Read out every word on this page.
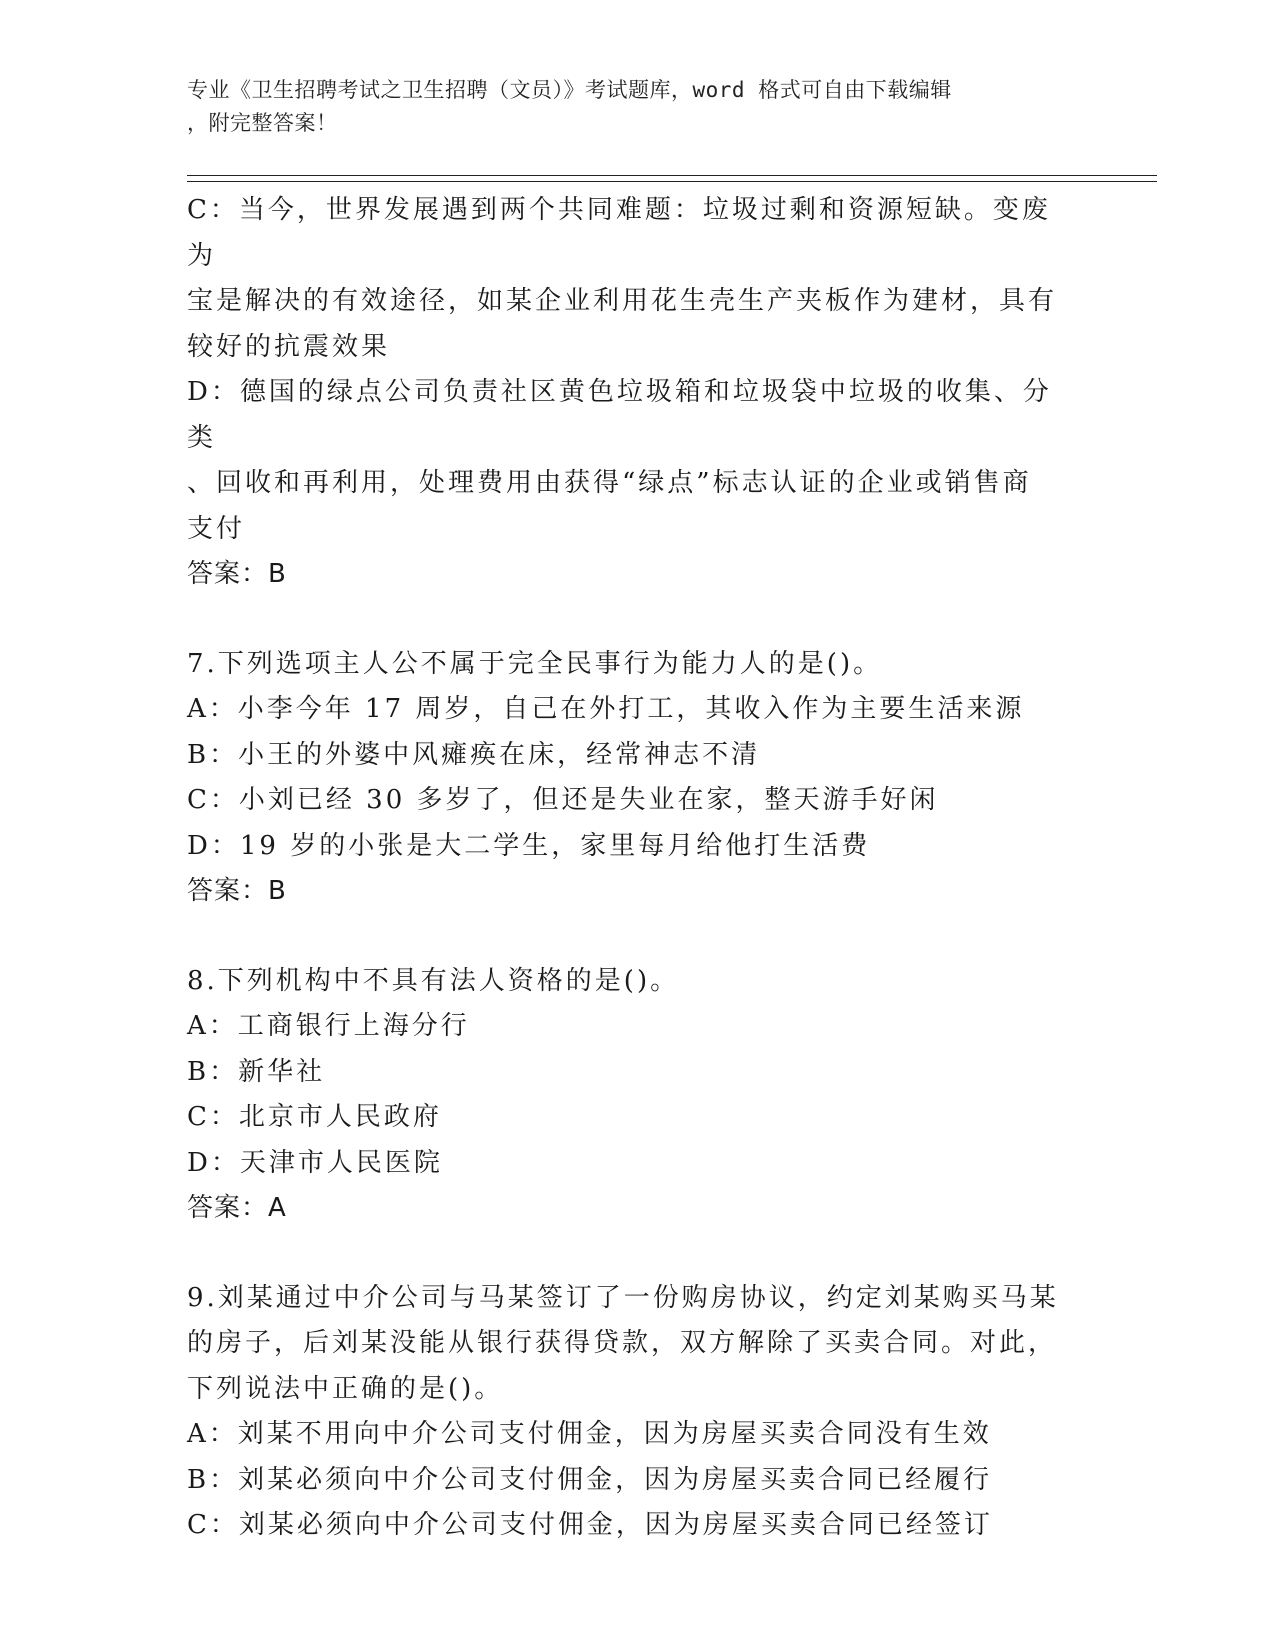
专业《卫生招聘考试之卫生招聘（文员）》考试题库，word 格式可自由下载编辑
，附完整答案！
C：当今，世界发展遇到两个共同难题：垃圾过剩和资源短缺。变废为
宝是解决的有效途径，如某企业利用花生壳生产夹板作为建材，具有
较好的抗震效果
D：德国的绿点公司负责社区黄色垃圾箱和垃圾袋中垃圾的收集、分类
、回收和再利用，处理费用由获得“绿点”标志认证的企业或销售商
支付
答案：B
7.下列选项主人公不属于完全民事行为能力人的是()。
A：小李今年 17 周岁，自己在外打工，其收入作为主要生活来源
B：小王的外婆中风瘫痪在床，经常神志不清
C：小刘已经 30 多岁了，但还是失业在家，整天游手好闲
D：19 岁的小张是大二学生，家里每月给他打生活费
答案：B
8.下列机构中不具有法人资格的是()。
A：工商银行上海分行
B：新华社
C：北京市人民政府
D：天津市人民医院
答案：A
9.刘某通过中介公司与马某签订了一份购房协议，约定刘某购买马某
的房子，后刘某没能从银行获得贷款，双方解除了买卖合同。对此，
下列说法中正确的是()。
A：刘某不用向中介公司支付佣金，因为房屋买卖合同没有生效
B：刘某必须向中介公司支付佣金，因为房屋买卖合同已经履行
C：刘某必须向中介公司支付佣金，因为房屋买卖合同已经签订
